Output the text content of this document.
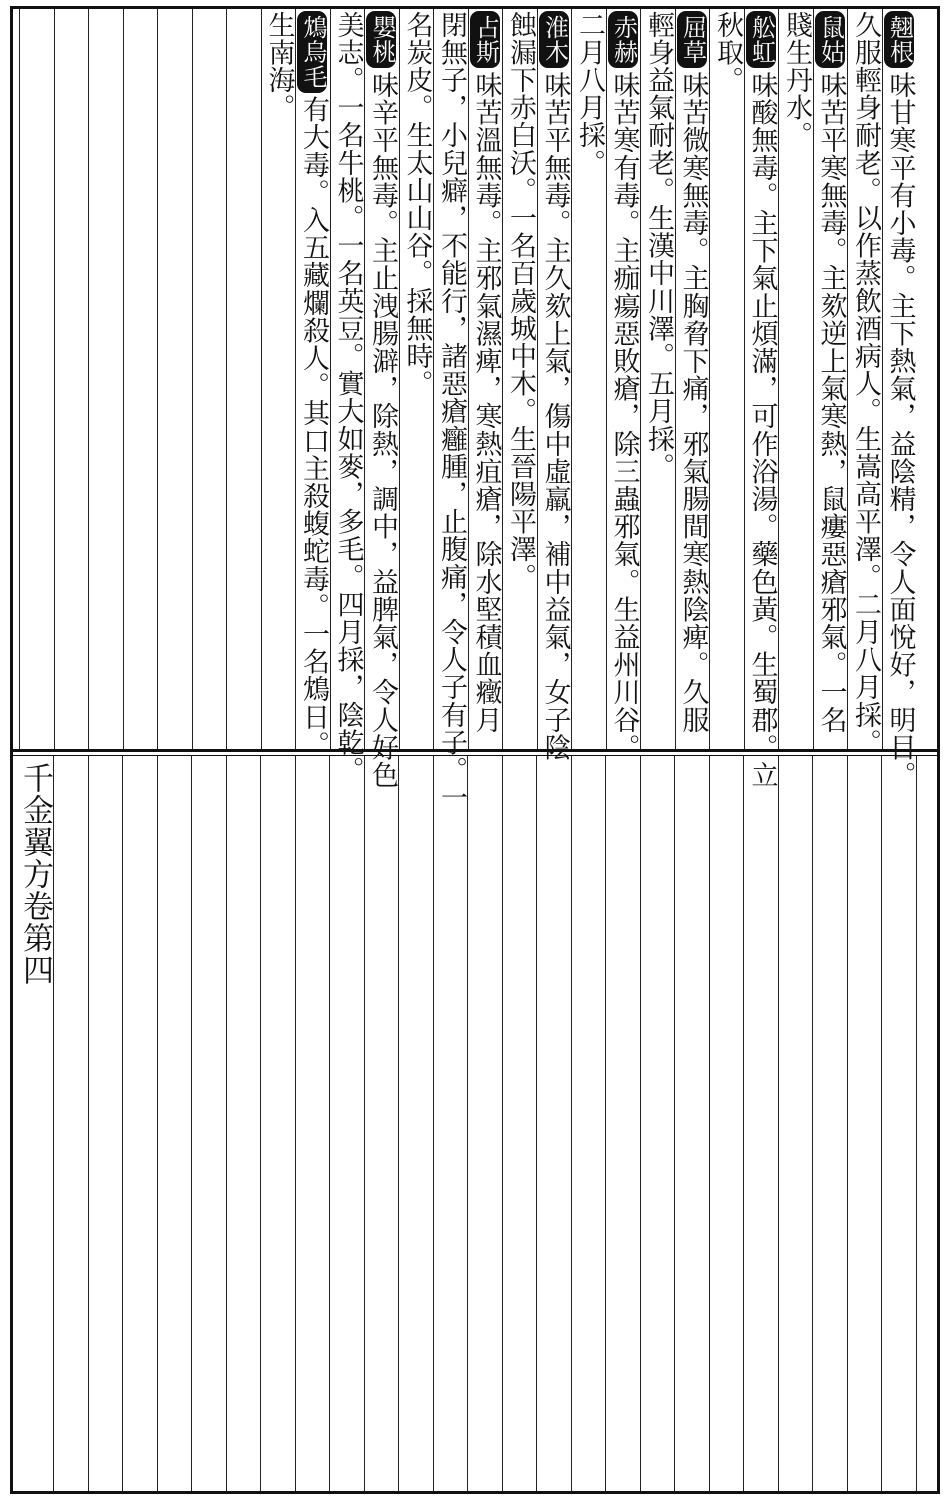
生南海。 鴆烏毛有大毒。入五藏爛殺人。其口主殺蝮蛇毒。一名鴆日。 美志。一名牛桃。一名英豆。實大如麥，多毛。四月採，陰乾。 嬰桃味辛平無毒。主止洩腸澼，除熱，調中，益脾氣，令人好色 名炭皮。生太山山谷。採無時。 閉無子，小兒癖，不能行，諸惡瘡癰腫，止腹痛，令人子有子。一 占斯味苦溫無毒。主邪氣濕痺，寒熱疽瘡，除水堅積血癥月 蝕漏下赤白沃。一名百歲城中木。生晉陽平澤。 淮木味苦平無毒。主久欬上氣，傷中虛羸，補中益氣，女子陰 二月八月採。 赤赫味苦寒有毒。主痂瘍惡敗瘡，除三蟲邪氣。生益州川谷。 輕身益氣耐老。生漢中川澤。五月採。 屈草味苦微寒無毒。主胸脅下痛，邪氣腸間寒熱陰痺。久服
秋取。 舩虹味酸無毒。主下氣止煩滿，可作浴湯。藥色黃。生蜀郡。立 賤生丹水。 鼠姑味苦平寒無毒。主欬逆上氣寒熱，鼠瘻惡瘡邪氣。一名 久服輕身耐老。以作蒸飲酒病人。生嵩高平澤。二月八月採。 翹根味甘寒平有小毒。主下熱氣，益陰精，令人面悅好，明目。
千金翼方卷第四
